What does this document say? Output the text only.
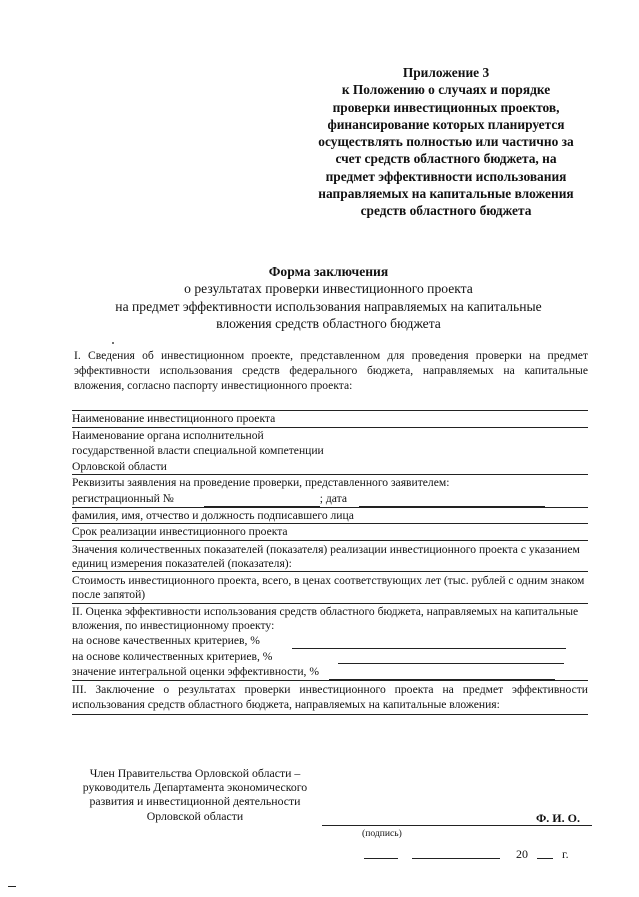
Приложение 3
к Положению о случаях и порядке
проверки инвестиционных проектов,
финансирование которых планируется
осуществлять полностью или частично за
счет средств областного бюджета, на
предмет эффективности использования
направляемых на капитальные вложения
средств областного бюджета
Форма заключения
о результатах проверки инвестиционного проекта
на предмет эффективности использования направляемых на капитальные
вложения средств областного бюджета
I. Сведения об инвестиционном проекте, представленном для проведения проверки на предмет эффективности использования средств федерального бюджета, направляемых на капитальные вложения, согласно паспорту инвестиционного проекта:
Наименование инвестиционного проекта
Наименование органа исполнительной
государственной власти специальной компетенции
Орловской области
Реквизиты заявления на проведение проверки, представленного заявителем:
регистрационный №	; дата
фамилия, имя, отчество и должность подписавшего лица
Срок реализации инвестиционного проекта
Значения количественных показателей (показателя) реализации инвестиционного проекта с указанием единиц измерения показателей (показателя):
Стоимость инвестиционного проекта, всего, в ценах соответствующих лет (тыс. рублей с одним знаком после запятой)
II. Оценка эффективности использования средств областного бюджета, направляемых на капитальные вложения, по инвестиционному проекту:
на основе качественных критериев, %
на основе количественных критериев, %
значение интегральной оценки эффективности, %
III. Заключение о результатах проверки инвестиционного проекта на предмет эффективности использования средств областного бюджета, направляемых на капитальные вложения:
Член Правительства Орловской области –
руководитель Департамента экономического
развития и инвестиционной деятельности
Орловской области	Ф. И. О.
(подпись)
20	г.
